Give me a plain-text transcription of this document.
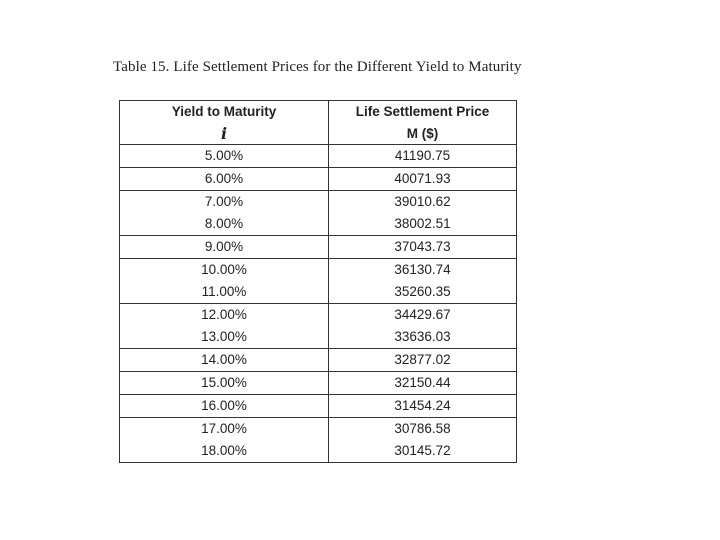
Table 15. Life Settlement Prices for the Different Yield to Maturity
Yield to Maturity	Life Settlement Price
i	M ($)
5.00%	41190.75
6.00%	40071.93
7.00%	39010.62
8.00%	38002.51
9.00%	37043.73
10.00%	36130.74
11.00%	35260.35
12.00%	34429.67
13.00%	33636.03
14.00%	32877.02
15.00%	32150.44
16.00%	31454.24
17.00%	30786.58
18.00%	30145.72
